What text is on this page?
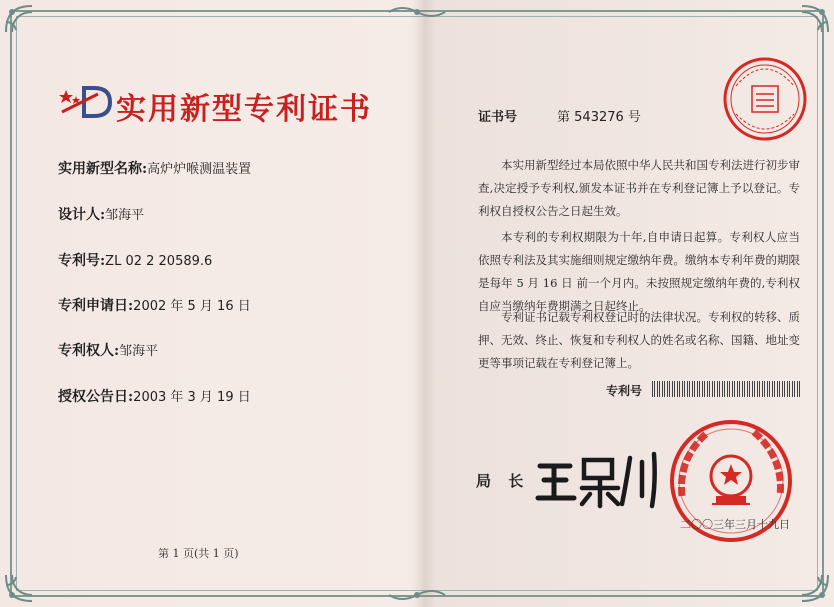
实用新型专利证书
实用新型名称:高炉炉喉测温装置
设计人:邹海平
专利号:ZL 02 2 20589.6
专利申请日:2002 年 5 月 16 日
专利权人:邹海平
授权公告日:2003 年 3 月 19 日
第 1 页(共 1 页)
证书号	第 543276 号
本实用新型经过本局依照中华人民共和国专利法进行初步审查,决定授予专利权,颁发本证书并在专利登记簿上予以登记。专利权自授权公告之日起生效。
本专利的专利权期限为十年,自申请日起算。专利权人应当依照专利法及其实施细则规定缴纳年费。缴纳本专利年费的期限是每年 5 月 16 日 前一个月内。未按照规定缴纳年费的,专利权自应当缴纳年费期满之日起终止。
专利证书记载专利权登记时的法律状况。专利权的转移、质押、无效、终止、恢复和专利权人的姓名或名称、国籍、地址变更等事项记载在专利登记簿上。
专利号
局 长
二〇〇三年三月十九日
